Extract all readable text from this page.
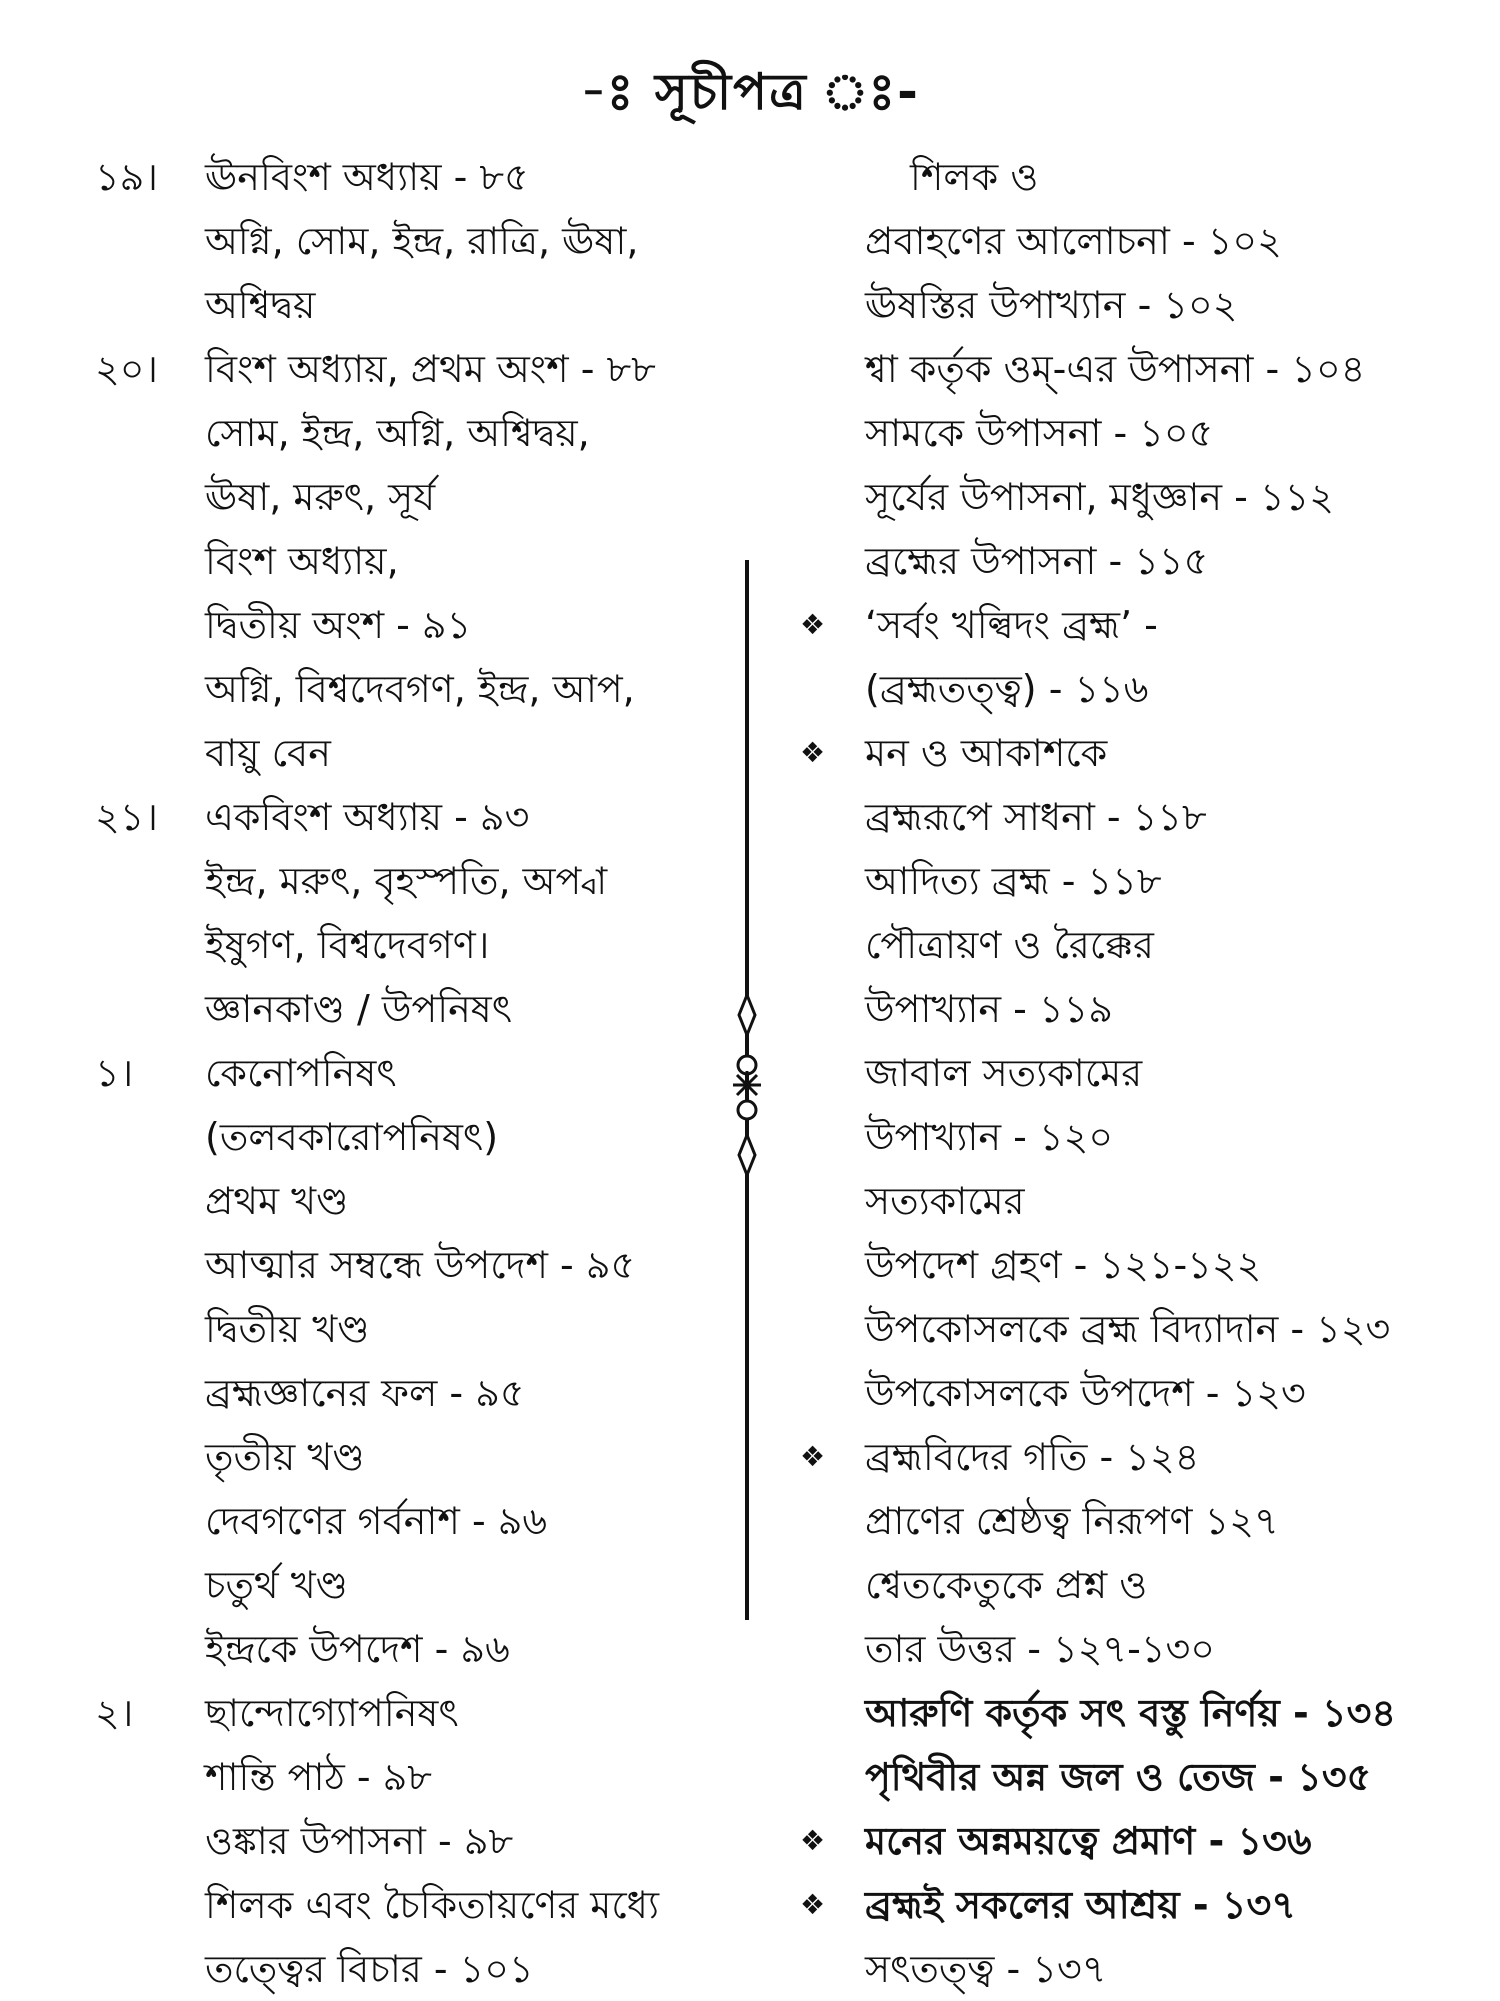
-ঃ সূচীপত্র ঃ-
১৯। ঊনবিংশ অধ্যায় - ৮৫
অগ্নি, সোম, ইন্দ্র, রাত্রি, ঊষা,
অশ্বিদ্বয়
২০। বিংশ অধ্যায়, প্রথম অংশ - ৮৮
সোম, ইন্দ্র, অগ্নি, অশ্বিদ্বয়,
ঊষা, মরুৎ, সূর্য
বিংশ অধ্যায়,
দ্বিতীয় অংশ - ৯১
অগ্নি, বিশ্বদেবগণ, ইন্দ্র, আপ,
বায়ু বেন
২১। একবিংশ অধ্যায় - ৯৩
ইন্দ্র, মরুৎ, বৃহস্পতি, অপ্বা
ইষুগণ, বিশ্বদেবগণ।
জ্ঞানকাণ্ড / উপনিষৎ
১। কেনোপনিষৎ
(তলবকারোপনিষৎ)
প্রথম খণ্ড
আত্মার সম্বন্ধে উপদেশ - ৯৫
দ্বিতীয় খণ্ড
ব্রহ্মজ্ঞানের ফল - ৯৫
তৃতীয় খণ্ড
দেবগণের গর্বনাশ - ৯৬
চতুর্থ খণ্ড
ইন্দ্রকে উপদেশ - ৯৬
২। ছান্দোগ্যোপনিষৎ
শান্তি পাঠ - ৯৮
ওঙ্কার উপাসনা - ৯৮
শিলক এবং চৈকিতায়ণের মধ্যে
তত্ত্বের বিচার - ১০১
শিলক ও
প্রবাহণের আলোচনা - ১০২
ঊষস্তির উপাখ্যান - ১০২
শ্বা কর্তৃক ওম্-এর উপাসনা - ১০৪
সামকে উপাসনা - ১০৫
সূর্যের উপাসনা, মধুজ্ঞান - ১১২
ব্রহ্মের উপাসনা - ১১৫
❖ ‘সর্বং খল্বিদং ব্রহ্ম’ -
(ব্রহ্মতত্ত্ব) - ১১৬
❖ মন ও আকাশকে
ব্রহ্মরূপে সাধনা - ১১৮
আদিত্য ব্রহ্ম - ১১৮
পৌত্রায়ণ ও রৈক্কের
উপাখ্যান - ১১৯
জাবাল সত্যকামের
উপাখ্যান - ১২০
সত্যকামের
উপদেশ গ্রহণ - ১২১-১২২
উপকোসলকে ব্রহ্ম বিদ্যাদান - ১২৩
উপকোসলকে উপদেশ - ১২৩
❖ ব্রহ্মবিদের গতি - ১২৪
প্রাণের শ্রেষ্ঠত্ব নিরূপণ ১২৭
শ্বেতকেতুকে প্রশ্ন ও
তার উত্তর - ১২৭-১৩০
আরুণি কর্তৃক সৎ বস্তু নির্ণয় - ১৩৪
পৃথিবীর অন্ন জল ও তেজ - ১৩৫
❖ মনের অন্নময়ত্বে প্রমাণ - ১৩৬
❖ ব্রহ্মই সকলের আশ্রয় - ১৩৭
সৎতত্ত্ব - ১৩৭
